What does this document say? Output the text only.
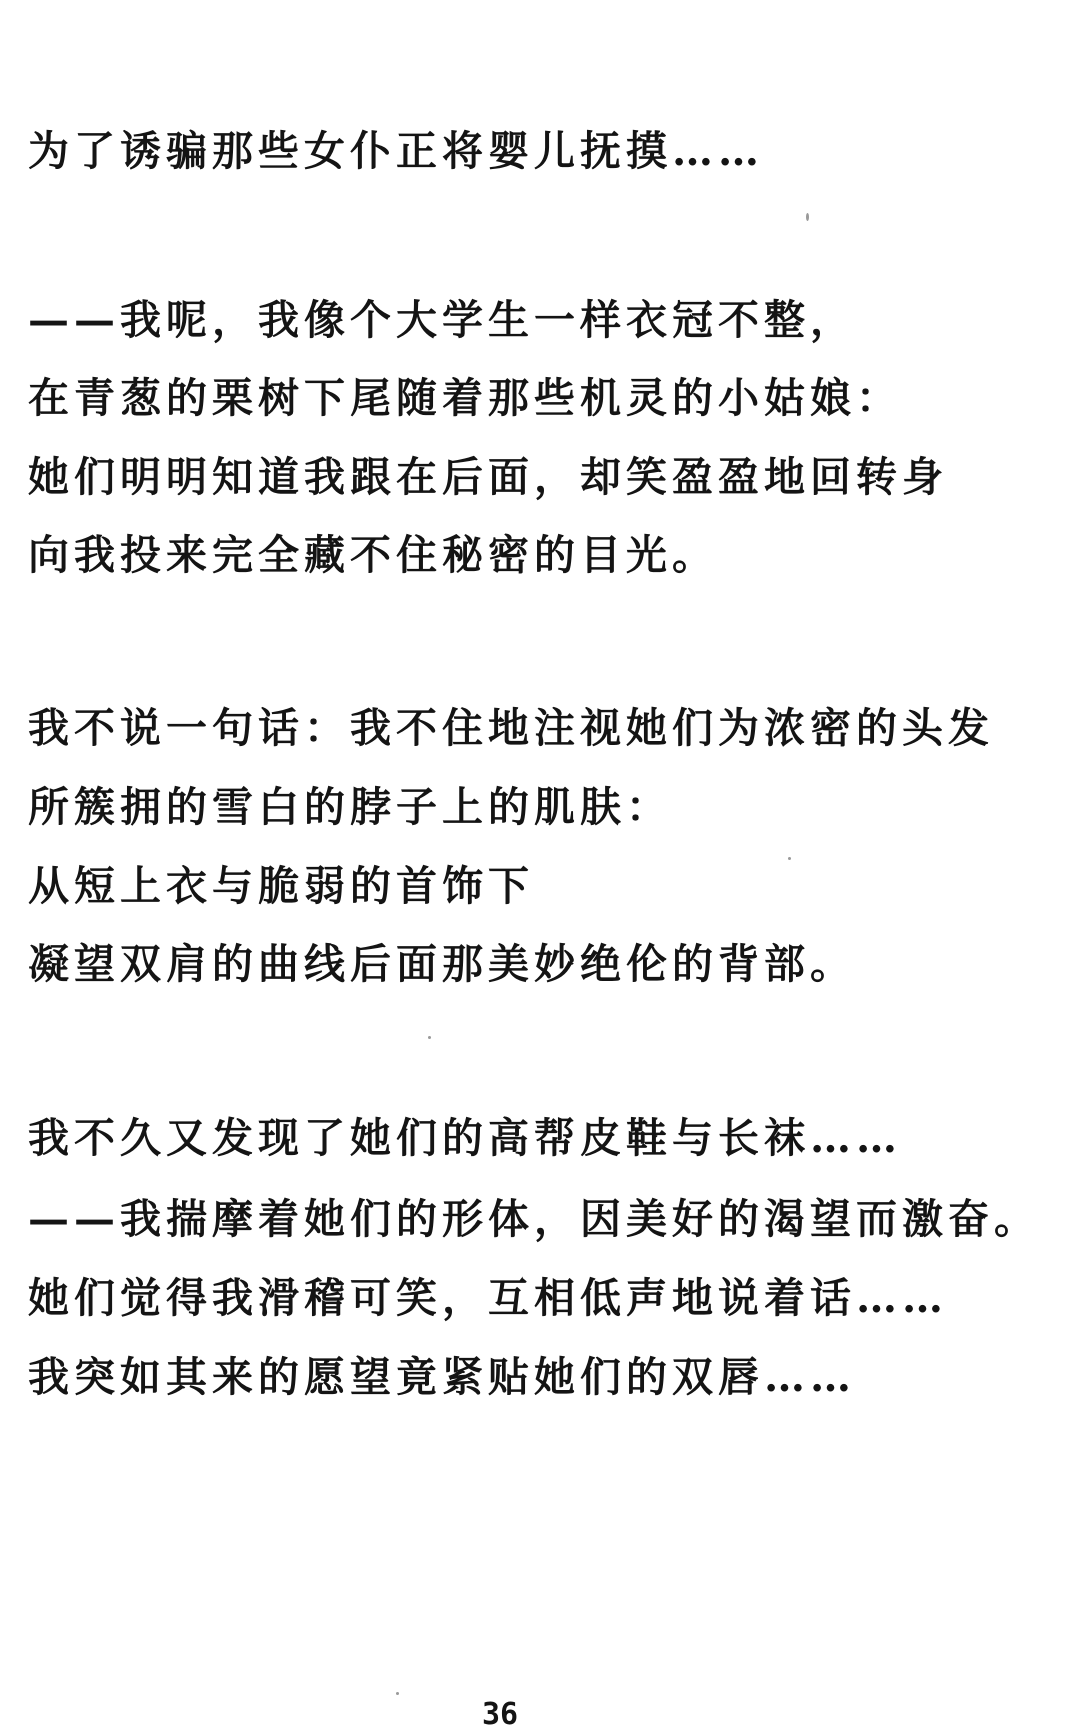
为了诱骗那些女仆正将婴儿抚摸……
——我呢，我像个大学生一样衣冠不整，
在青葱的栗树下尾随着那些机灵的小姑娘：
她们明明知道我跟在后面，却笑盈盈地回转身
向我投来完全藏不住秘密的目光。
我不说一句话：我不住地注视她们为浓密的头发
所簇拥的雪白的脖子上的肌肤：
从短上衣与脆弱的首饰下
凝望双肩的曲线后面那美妙绝伦的背部。
我不久又发现了她们的高帮皮鞋与长袜……
——我揣摩着她们的形体，因美好的渴望而激奋。
她们觉得我滑稽可笑，互相低声地说着话……
我突如其来的愿望竟紧贴她们的双唇……
36
